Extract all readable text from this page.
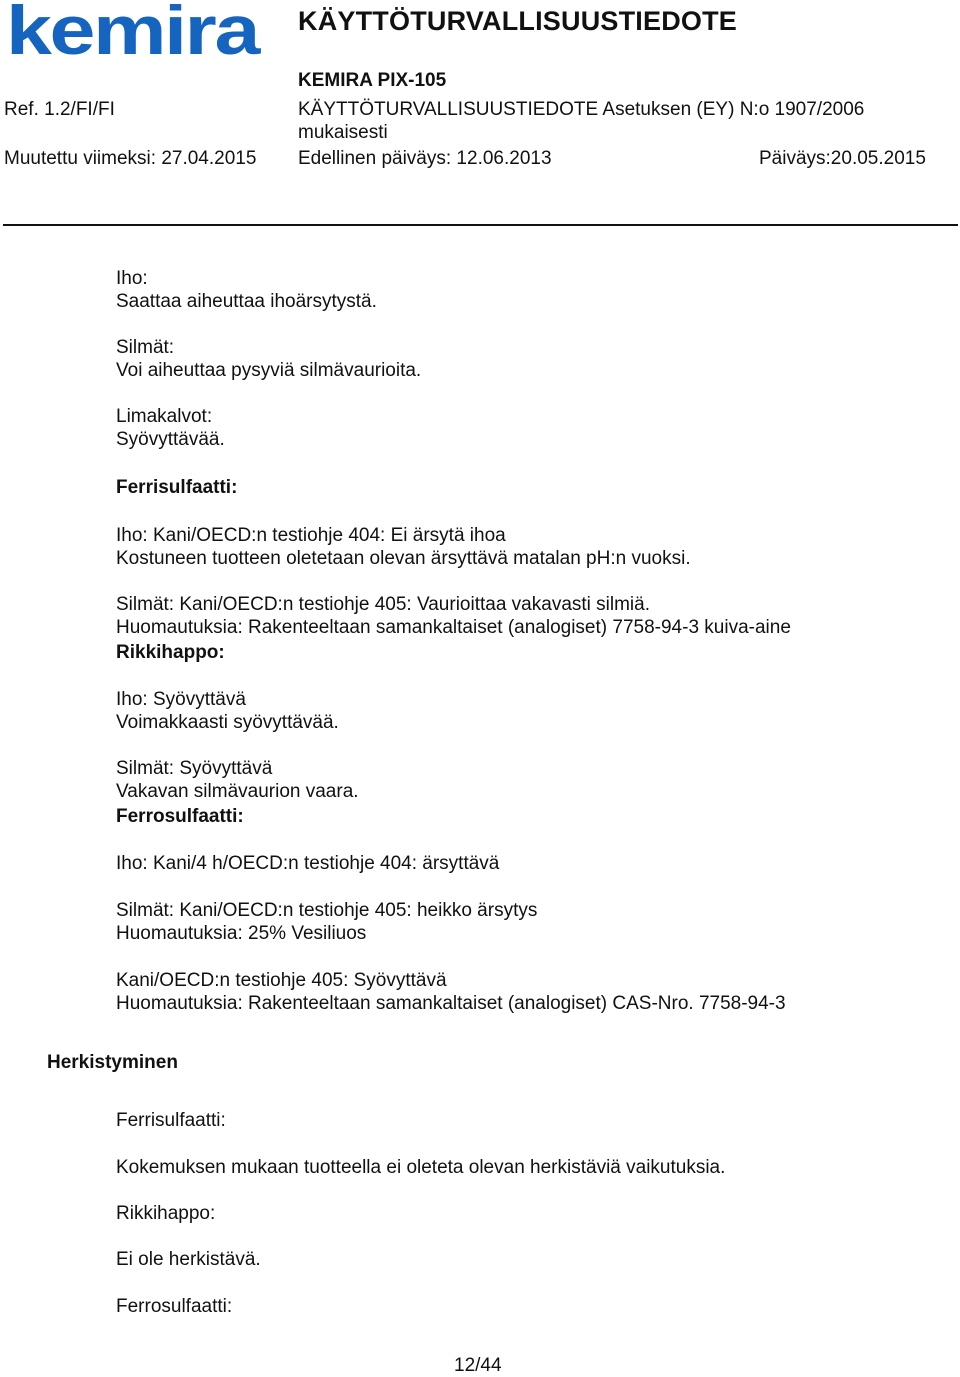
kemira KÄYTTÖTURVALLISUUSTIEDOTE
KEMIRA PIX-105
Ref. 1.2/FI/FI	KÄYTTÖTURVALLISUUSTIEDOTE Asetuksen (EY) N:o 1907/2006
mukaisesti
Muutettu viimeksi: 27.04.2015 Edellinen päiväys: 12.06.2013	Päiväys:20.05.2015
Iho:
Saattaa aiheuttaa ihoärsytystä.
Silmät:
Voi aiheuttaa pysyviä silmävaurioita.
Limakalvot:
Syövyttävää.
Ferrisulfaatti:
Iho: Kani/OECD:n testiohje 404: Ei ärsytä ihoa
Kostuneen tuotteen oletetaan olevan ärsyttävä matalan pH:n vuoksi.
Silmät: Kani/OECD:n testiohje 405: Vaurioittaa vakavasti silmiä.
Huomautuksia: Rakenteeltaan samankaltaiset (analogiset) 7758-94-3 kuiva-aine
Rikkihappo:
Iho: Syövyttävä
Voimakkaasti syövyttävää.
Silmät: Syövyttävä
Vakavan silmävaurion vaara.
Ferrosulfaatti:
Iho: Kani/4 h/OECD:n testiohje 404: ärsyttävä
Silmät: Kani/OECD:n testiohje 405: heikko ärsytys
Huomautuksia: 25% Vesiliuos
Kani/OECD:n testiohje 405: Syövyttävä
Huomautuksia: Rakenteeltaan samankaltaiset (analogiset) CAS-Nro. 7758-94-3
Herkistyminen
Ferrisulfaatti:
Kokemuksen mukaan tuotteella ei oleteta olevan herkistäviä vaikutuksia.
Rikkihappo:
Ei ole herkistävä.
Ferrosulfaatti:
12/44
